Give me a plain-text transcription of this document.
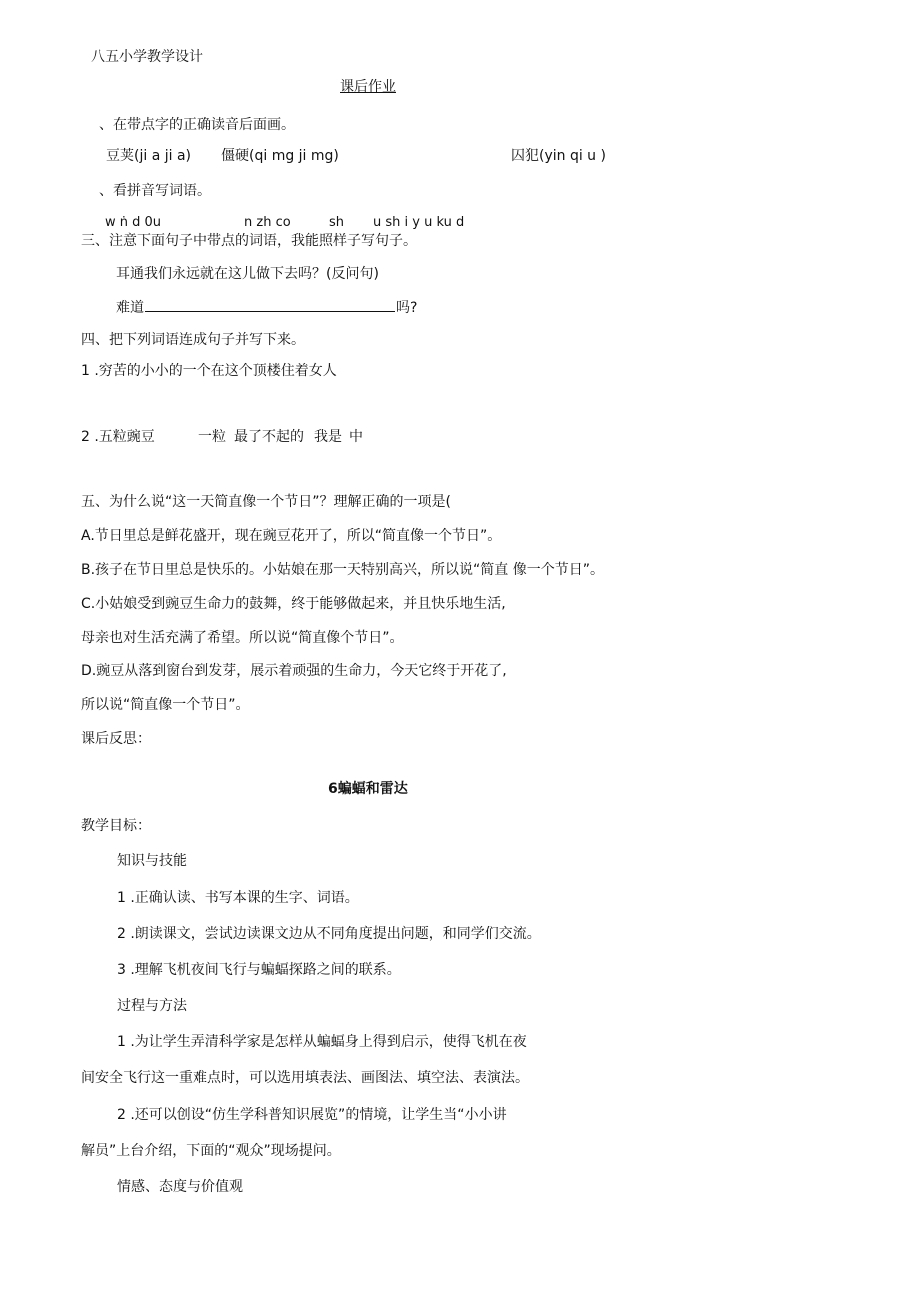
八五小学教学设计
课后作业
、在带点字的正确读音后面画。
豆荚(ji a ji a) 僵硬(qi mg ji mg)	囚犯(yin qi u )
、看拼音写词语。
w ṅ d 0u	n zh co	sh u sh i y u ku d
三、注意下面句子中带点的词语，我能照样子写句子。
耳通我们永远就在这儿做下去吗？(反问句)
难道	吗?
四、把下列词语连成句子并写下来。
1 .穷苦的小小的一个在这个顶楼住着女人
2 .五粒豌豆	一粒 最了不起的 我是 中
五、为什么说“这一天简直像一个节日”？理解正确的一项是(
A.节日里总是鲜花盛开，现在豌豆花开了，所以“简直像一个节日”。
B.孩子在节日里总是快乐的。小姑娘在那一天特别高兴，所以说“简直 像一个节日”。
C.小姑娘受到豌豆生命力的鼓舞，终于能够做起来，并且快乐地生活,
母亲也对生活充满了希望。所以说“简直像个节日”。
D.豌豆从落到窗台到发芽，展示着顽强的生命力，今天它终于开花了,
所以说“简直像一个节日”。
课后反思：
6蝙蝠和雷达
教学目标：
知识与技能
1 .正确认读、书写本课的生字、词语。
2 .朗读课文，尝试边读课文边从不同角度提出问题，和同学们交流。
3 .理解飞机夜间飞行与蝙蝠探路之间的联系。
过程与方法
1 .为让学生弄清科学家是怎样从蝙蝠身上得到启示，使得飞机在夜
间安全飞行这一重难点时，可以选用填表法、画图法、填空法、表演法。
2 .还可以创设“仿生学科普知识展览”的情境，让学生当“小小讲
解员”上台介绍，下面的“观众”现场提问。
情感、态度与价值观
